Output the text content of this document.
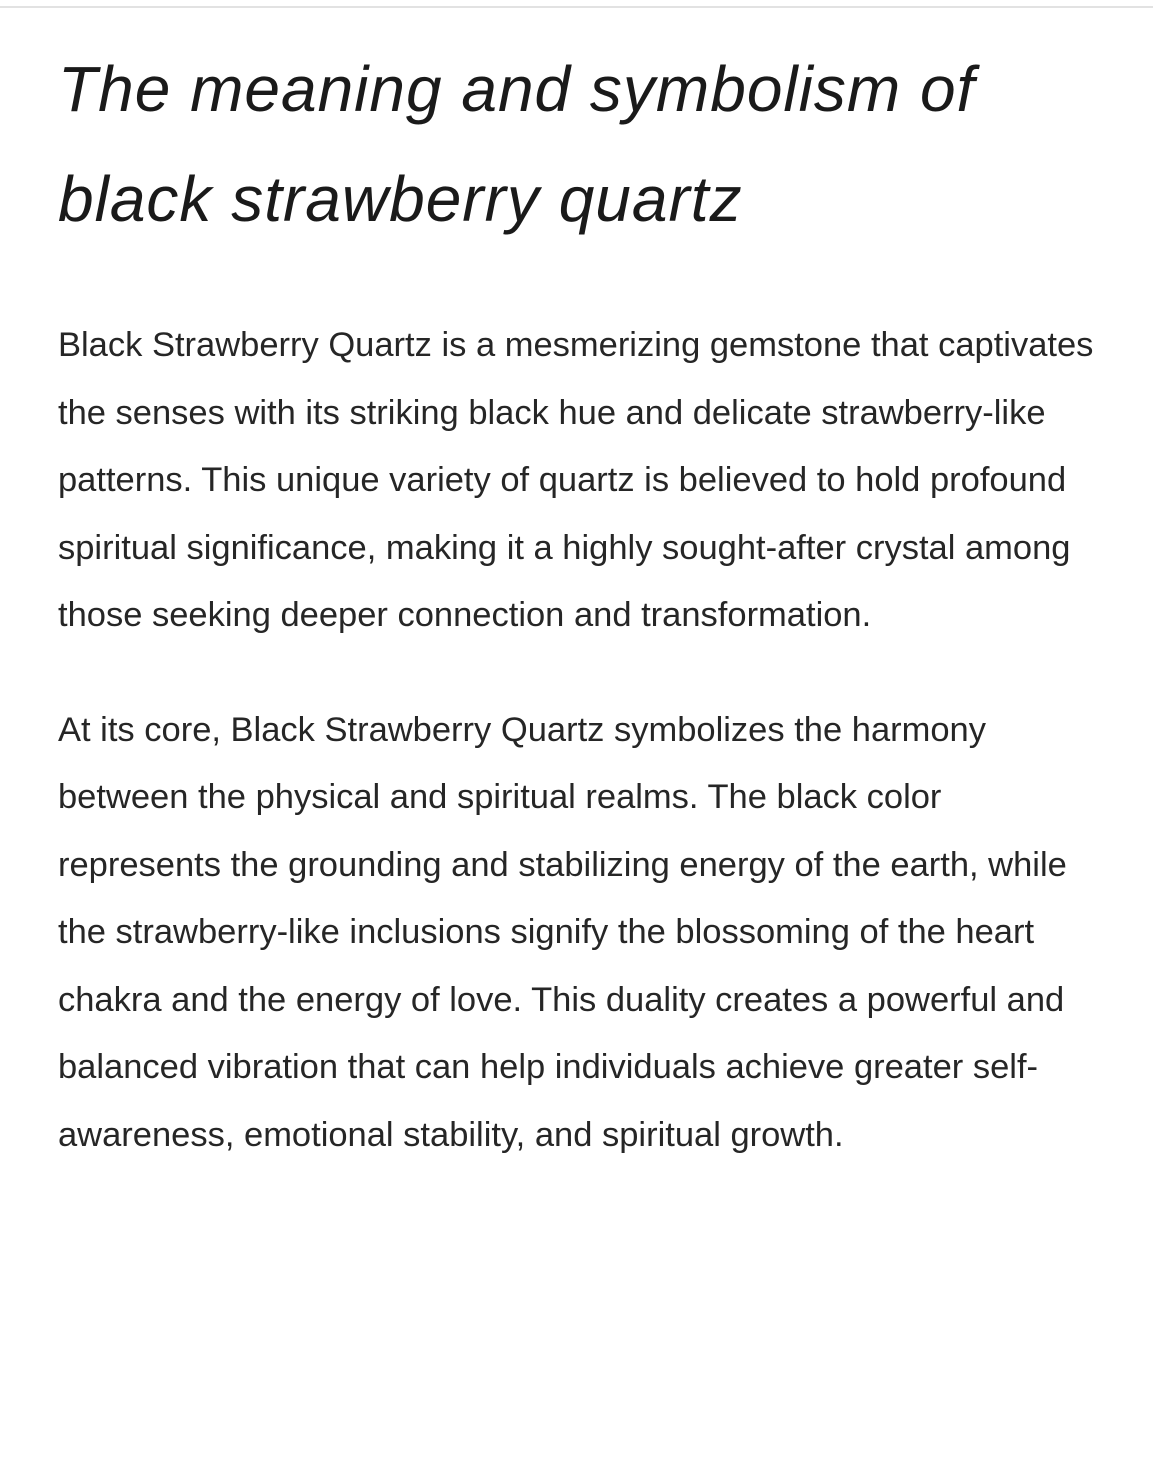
The meaning and symbolism of black strawberry quartz

Black Strawberry Quartz is a mesmerizing gemstone that captivates the senses with its striking black hue and delicate strawberry-like patterns. This unique variety of quartz is believed to hold profound spiritual significance, making it a highly sought-after crystal among those seeking deeper connection and transformation.

At its core, Black Strawberry Quartz symbolizes the harmony between the physical and spiritual realms. The black color represents the grounding and stabilizing energy of the earth, while the strawberry-like inclusions signify the blossoming of the heart chakra and the energy of love. This duality creates a powerful and balanced vibration that can help individuals achieve greater self-awareness, emotional stability, and spiritual growth.
